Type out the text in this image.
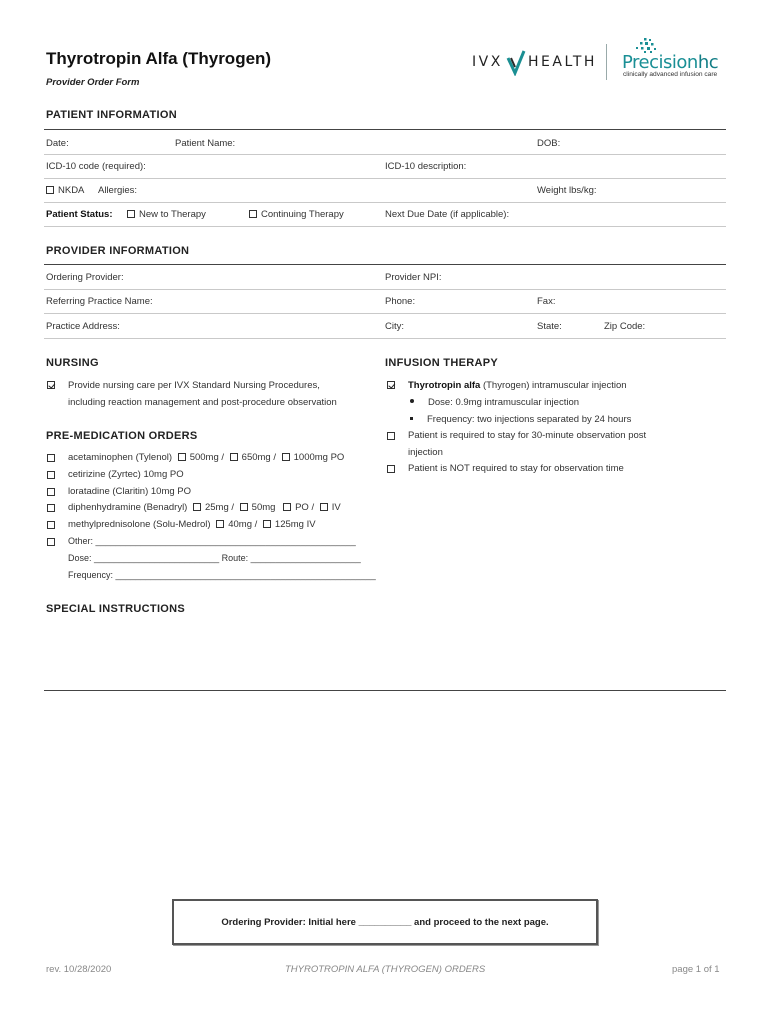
Thyrotropin Alfa (Thyrogen)
Provider Order Form
IVX HEALTH Precisionhc
clinically advanced infusion care
PATIENT INFORMATION
Date:	Patient Name:	DOB:
ICD-10 code (required):	ICD-10 description:
NKDA Allergies:	Weight lbs/kg:
Patient Status:	New to Therapy	Continuing Therapy	Next Due Date (if applicable):
PROVIDER INFORMATION
Ordering Provider:	Provider NPI:
Referring Practice Name:	Phone:	Fax:
Practice Address:	City:	State:	Zip Code:
NURSING
Provide nursing care per IVX Standard Nursing Procedures,
including reaction management and post-procedure observation
PRE-MEDICATION ORDERS
acetaminophen (Tylenol) 500mg / 650mg / 1000mg PO
cetirizine (Zyrtec) 10mg PO
loratadine (Claritin) 10mg PO
diphenhydramine (Benadryl) 25mg / 50mg PO / IV
methylprednisolone (Solu-Medrol) 40mg / 125mg IV
Other: ____________________________________________________
Dose: _________________________ Route: ______________________
Frequency: ____________________________________________________
INFUSION THERAPY
Thyrotropin alfa (Thyrogen) intramuscular injection
Dose: 0.9mg intramuscular injection
Frequency: two injections separated by 24 hours
Patient is required to stay for 30-minute observation post
injection
Patient is NOT required to stay for observation time
SPECIAL INSTRUCTIONS
Ordering Provider: Initial here __________ and proceed to the next page.
rev. 10/28/2020	THYROTROPIN ALFA (THYROGEN) ORDERS	page 1 of 1
